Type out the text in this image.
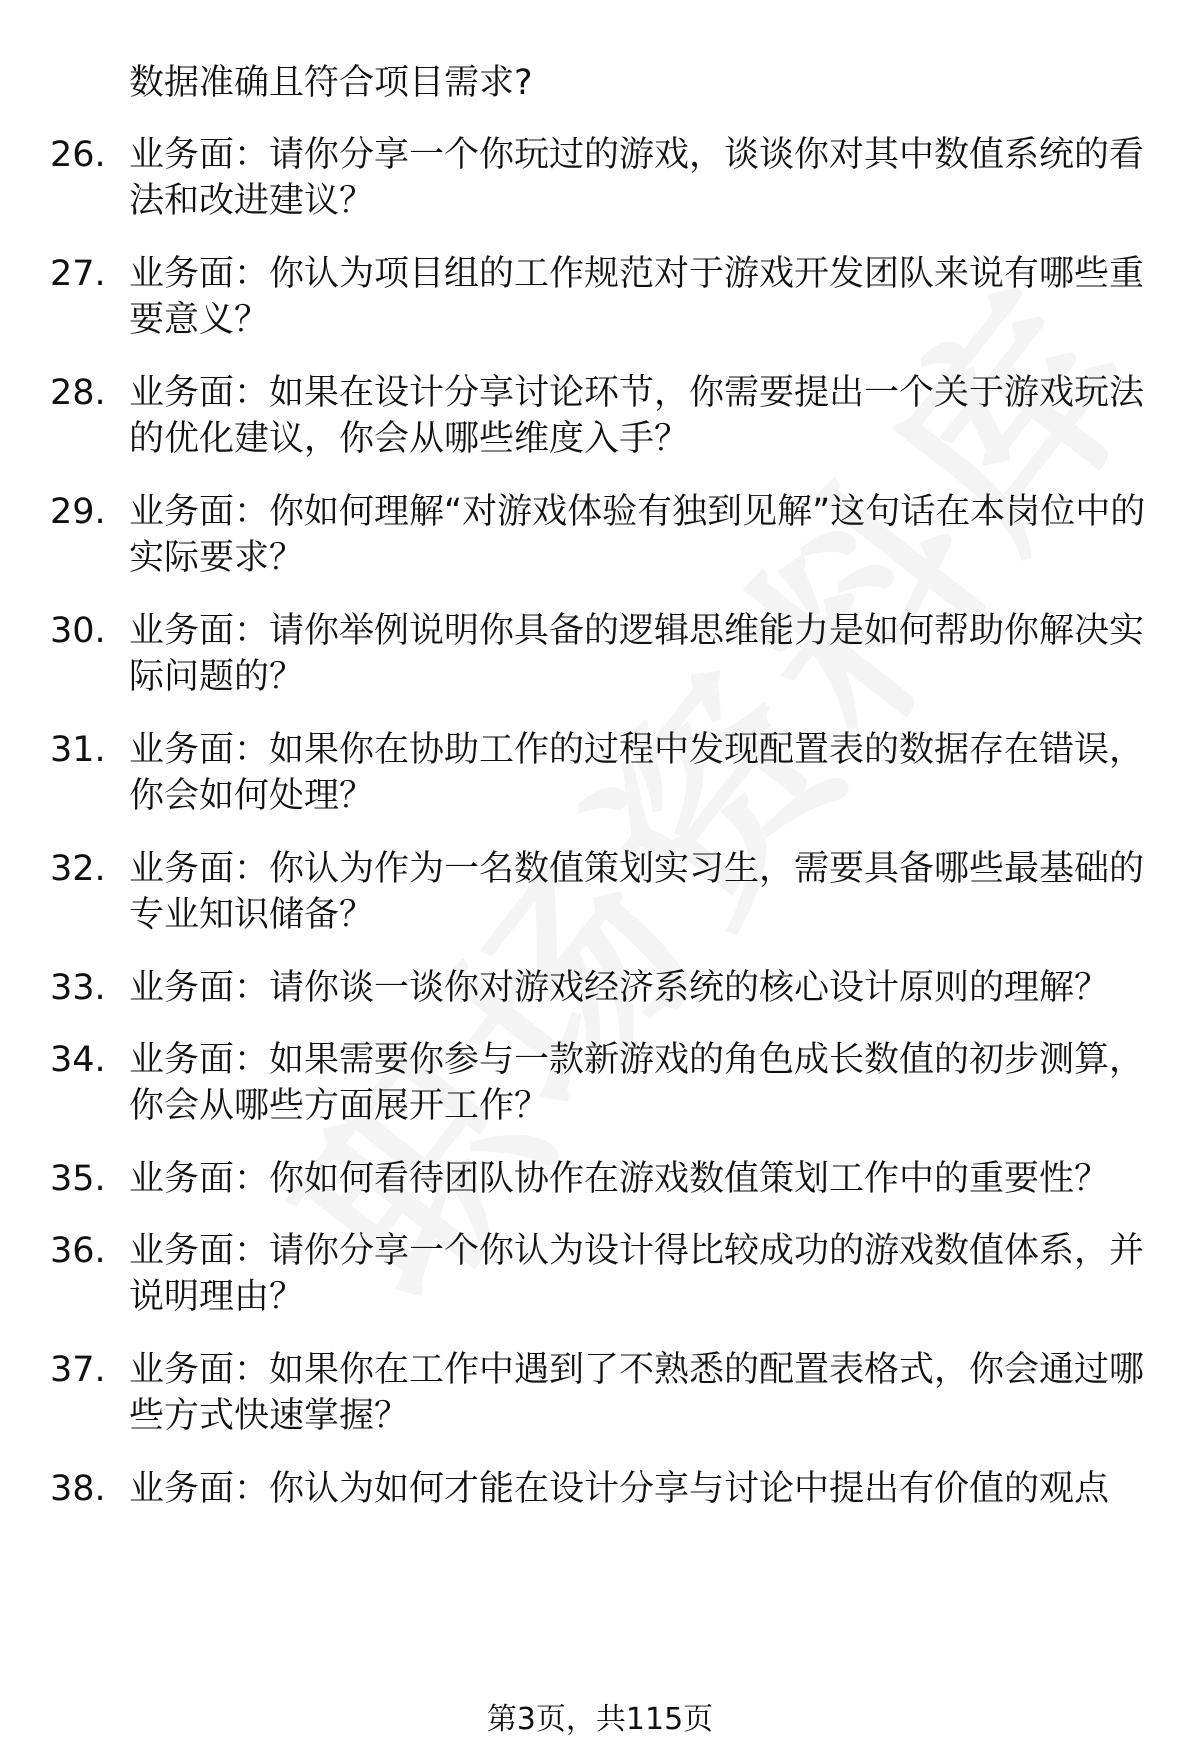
数据准确且符合项目需求?
26. 业务面：请你分享一个你玩过的游戏，谈谈你对其中数值系统的看法和改进建议？
27. 业务面：你认为项目组的工作规范对于游戏开发团队来说有哪些重要意义？
28. 业务面：如果在设计分享讨论环节，你需要提出一个关于游戏玩法的优化建议，你会从哪些维度入手？
29. 业务面：你如何理解“对游戏体验有独到见解”这句话在本岗位中的实际要求？
30. 业务面：请你举例说明你具备的逻辑思维能力是如何帮助你解决实际问题的？
31. 业务面：如果你在协助工作的过程中发现配置表的数据存在错误，你会如何处理？
32. 业务面：你认为作为一名数值策划实习生，需要具备哪些最基础的专业知识储备？
33. 业务面：请你谈一谈你对游戏经济系统的核心设计原则的理解？
34. 业务面：如果需要你参与一款新游戏的角色成长数值的初步测算，你会从哪些方面展开工作？
35. 业务面：你如何看待团队协作在游戏数值策划工作中的重要性？
36. 业务面：请你分享一个你认为设计得比较成功的游戏数值体系，并说明理由？
37. 业务面：如果你在工作中遇到了不熟悉的配置表格式，你会通过哪些方式快速掌握？
38. 业务面：你认为如何才能在设计分享与讨论中提出有价值的观点
第3页，共115页
